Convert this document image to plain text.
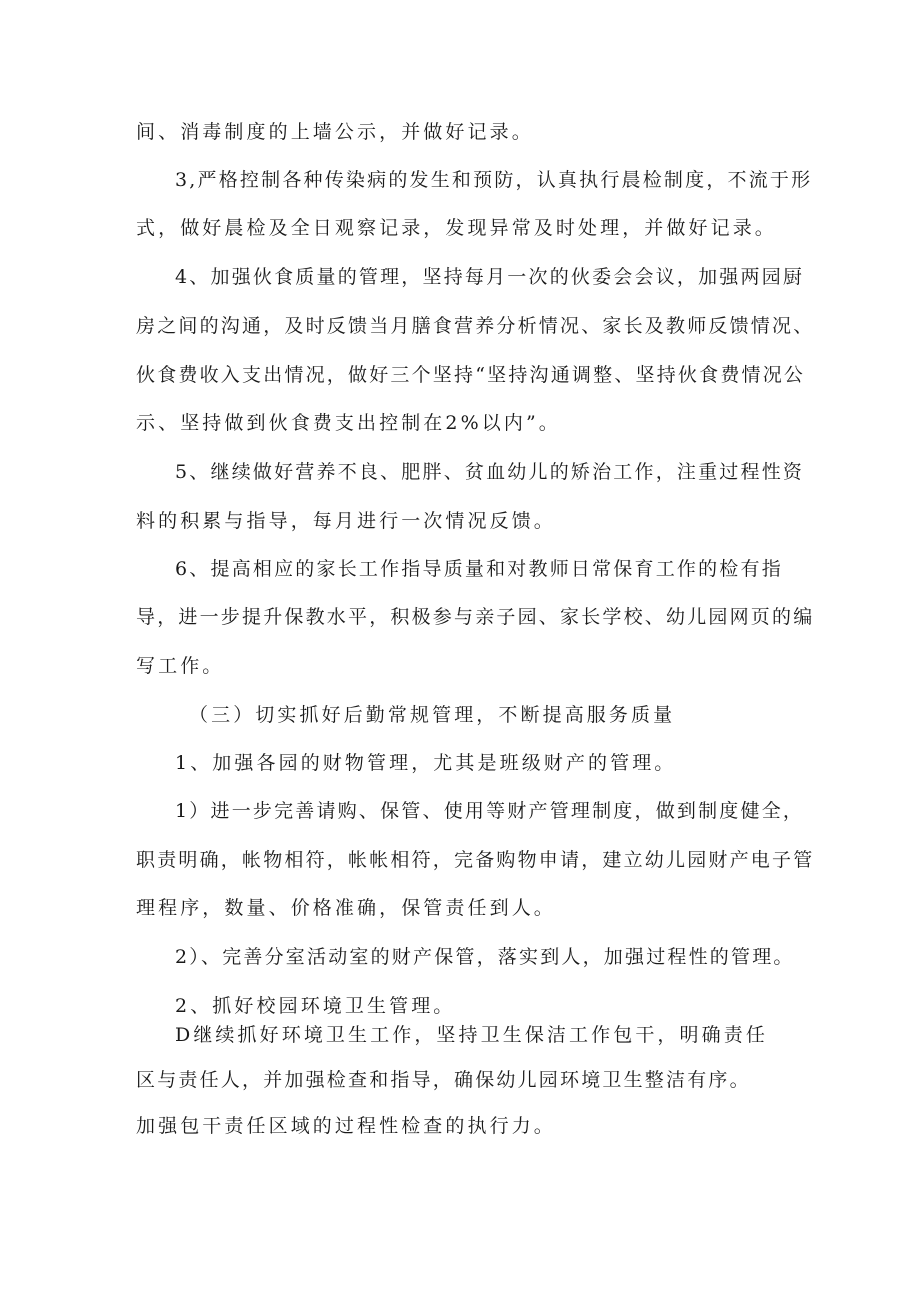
间、消毒制度的上墙公示，并做好记录。
3,严格控制各种传染病的发生和预防，认真执行晨检制度，不流于形
式，做好晨检及全日观察记录，发现异常及时处理，并做好记录。
4、加强伙食质量的管理，坚持每月一次的伙委会会议，加强两园厨
房之间的沟通，及时反馈当月膳食营养分析情况、家长及教师反馈情况、
伙食费收入支出情况，做好三个坚持“坚持沟通调整、坚持伙食费情况公
示、坚持做到伙食费支出控制在2%以内”。
5、继续做好营养不良、肥胖、贫血幼儿的矫治工作，注重过程性资
料的积累与指导，每月进行一次情况反馈。
6、提高相应的家长工作指导质量和对教师日常保育工作的检有指
导，进一步提升保教水平，积极参与亲子园、家长学校、幼儿园网页的编
写工作。
（三）切实抓好后勤常规管理，不断提高服务质量
1、加强各园的财物管理，尤其是班级财产的管理。
1）进一步完善请购、保管、使用等财产管理制度，做到制度健全，
职责明确，帐物相符，帐帐相符，完备购物申请，建立幼儿园财产电子管
理程序，数量、价格准确，保管责任到人。
2）、完善分室活动室的财产保管，落实到人，加强过程性的管理。
2、抓好校园环境卫生管理。
D继续抓好环境卫生工作，坚持卫生保洁工作包干，明确责任
区与责任人，并加强检查和指导，确保幼儿园环境卫生整洁有序。
加强包干责任区域的过程性检查的执行力。
